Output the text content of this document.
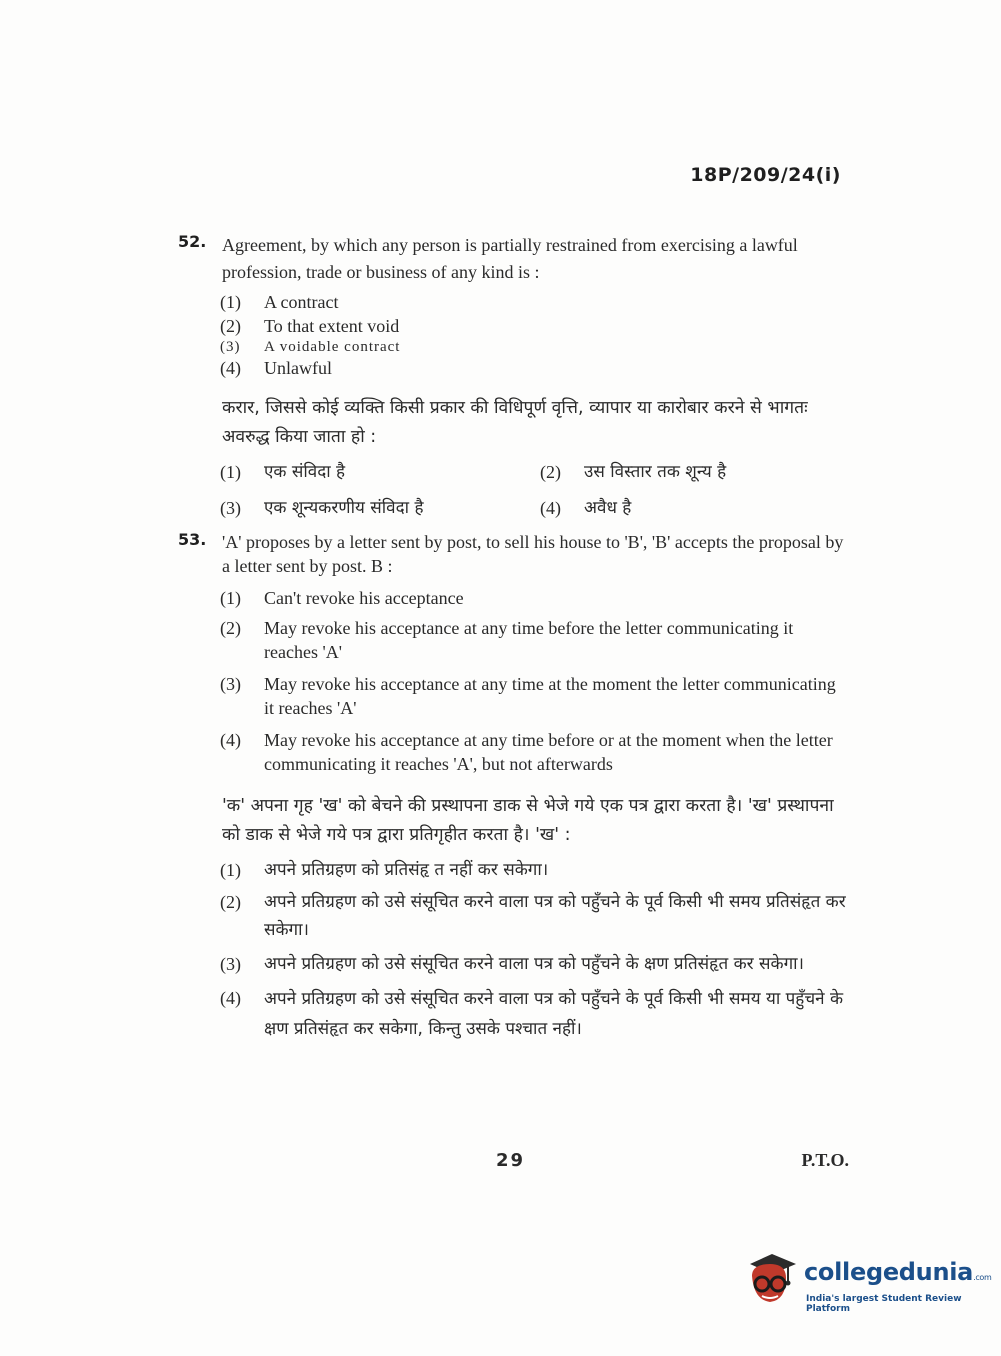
18P/209/24(i)
52. Agreement, by which any person is partially restrained from exercising a lawful profession, trade or business of any kind is :
(1)	A contract
(2)	To that extent void
(3)	A voidable contract
(4)	Unlawful
करार, जिससे कोई व्यक्ति किसी प्रकार की विधिपूर्ण वृत्ति, व्यापार या कारोबार करने से भागतः अवरुद्ध किया जाता हो :
(1)	एक संविदा है	(2)	उस विस्तार तक शून्य है
(3)	एक शून्यकरणीय संविदा है	(4)	अवैध है
53. 'A' proposes by a letter sent by post, to sell his house to 'B', 'B' accepts the proposal by a letter sent by post. B :
(1)	Can't revoke his acceptance
(2)	May revoke his acceptance at any time before the letter communicating it reaches 'A'
(3)	May revoke his acceptance at any time at the moment the letter communicating it reaches 'A'
(4)	May revoke his acceptance at any time before or at the moment when the letter communicating it reaches 'A', but not afterwards
'क' अपना गृह 'ख' को बेचने की प्रस्थापना डाक से भेजे गये एक पत्र द्वारा करता है। 'ख' प्रस्थापना को डाक से भेजे गये पत्र द्वारा प्रतिगृहीत करता है। 'ख' :
(1)	अपने प्रतिग्रहण को प्रतिसंहृ त नहीं कर सकेगा।
(2)	अपने प्रतिग्रहण को उसे संसूचित करने वाला पत्र को पहुँचने के पूर्व किसी भी समय प्रतिसंहृत कर सकेगा।
(3)	अपने प्रतिग्रहण को उसे संसूचित करने वाला पत्र को पहुँचने के क्षण प्रतिसंहृत कर सकेगा।
(4)	अपने प्रतिग्रहण को उसे संसूचित करने वाला पत्र को पहुँचने के पूर्व किसी भी समय या पहुँचने के क्षण प्रतिसंहृत कर सकेगा, किन्तु उसके पश्चात नहीं।
29	P.T.O.
collegedunia.com
India's largest Student Review Platform
